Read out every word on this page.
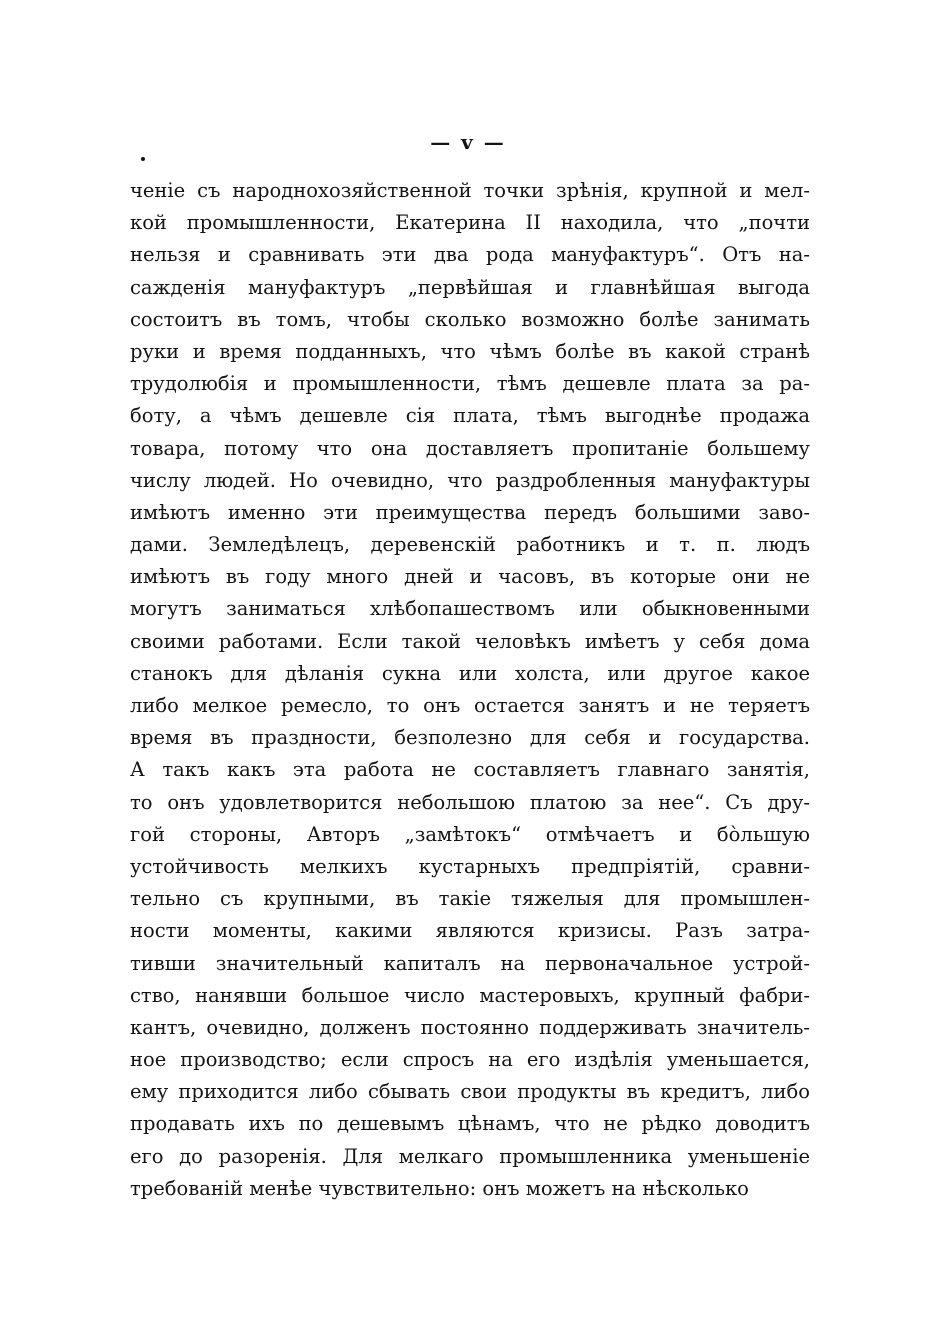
— v —
ченіе съ народнохозяйственной точки зрѣнія, крупной и мел-
кой промышленности, Екатерина II находила, что „почти
нельзя и сравнивать эти два рода мануфактуръ“. Отъ на-
сажденія мануфактуръ „первѣйшая и главнѣйшая выгода
состоитъ въ томъ, чтобы сколько возможно болѣе занимать
руки и время подданныхъ, что чѣмъ болѣе въ какой странѣ
трудолюбія и промышленности, тѣмъ дешевле плата за ра-
боту, а чѣмъ дешевле сія плата, тѣмъ выгоднѣе продажа
товара, потому что она доставляетъ пропитаніе большему
числу людей. Но очевидно, что раздробленныя мануфактуры
имѣютъ именно эти преимущества передъ большими заво-
дами. Земледѣлецъ, деревенскій работникъ и т. п. людъ
имѣютъ въ году много дней и часовъ, въ которые они не
могутъ заниматься хлѣбопашествомъ или обыкновенными
своими работами. Если такой человѣкъ имѣетъ у себя дома
станокъ для дѣланія сукна или холста, или другое какое
либо мелкое ремесло, то онъ остается занятъ и не теряетъ
время въ праздности, безполезно для себя и государства.
А такъ какъ эта работа не составляетъ главнаго занятія,
то онъ удовлетворится небольшою платою за нее“. Съ дру-
гой стороны, Авторъ „замѣтокъ“ отмѣчаетъ и бо̀льшую
устойчивость мелкихъ кустарныхъ предпріятій, сравни-
тельно съ крупными, въ такіе тяжелыя для промышлен-
ности моменты, какими являются кризисы. Разъ затра-
тивши значительный капиталъ на первоначальное устрой-
ство, нанявши большое число мастеровыхъ, крупный фабри-
кантъ, очевидно, долженъ постоянно поддерживать значитель-
ное производство; если спросъ на его издѣлія уменьшается,
ему приходится либо сбывать свои продукты въ кредитъ, либо
продавать ихъ по дешевымъ цѣнамъ, что не рѣдко доводитъ
его до разоренія. Для мелкаго промышленника уменьшеніе
требованій менѣе чувствительно: онъ можетъ на нѣсколько
